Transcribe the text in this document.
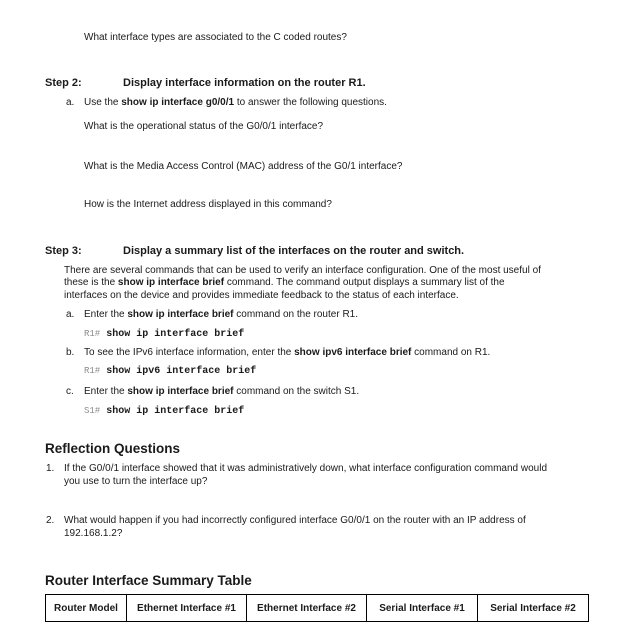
What interface types are associated to the C coded routes?
Step 2:	Display interface information on the router R1.
a. Use the show ip interface g0/0/1 to answer the following questions.
What is the operational status of the G0/0/1 interface?
What is the Media Access Control (MAC) address of the G0/1 interface?
How is the Internet address displayed in this command?
Step 3:	Display a summary list of the interfaces on the router and switch.
There are several commands that can be used to verify an interface configuration. One of the most useful of
these is the show ip interface brief command. The command output displays a summary list of the
interfaces on the device and provides immediate feedback to the status of each interface.
a. Enter the show ip interface brief command on the router R1.
R1# show ip interface brief
b. To see the IPv6 interface information, enter the show ipv6 interface brief command on R1.
R1# show ipv6 interface brief
c. Enter the show ip interface brief command on the switch S1.
S1# show ip interface brief
Reflection Questions
1. If the G0/0/1 interface showed that it was administratively down, what interface configuration command would
you use to turn the interface up?
2. What would happen if you had incorrectly configured interface G0/0/1 on the router with an IP address of
192.168.1.2?
Router Interface Summary Table
Router Model	Ethernet Interface #1	Ethernet Interface #2	Serial Interface #1	Serial Interface #2
